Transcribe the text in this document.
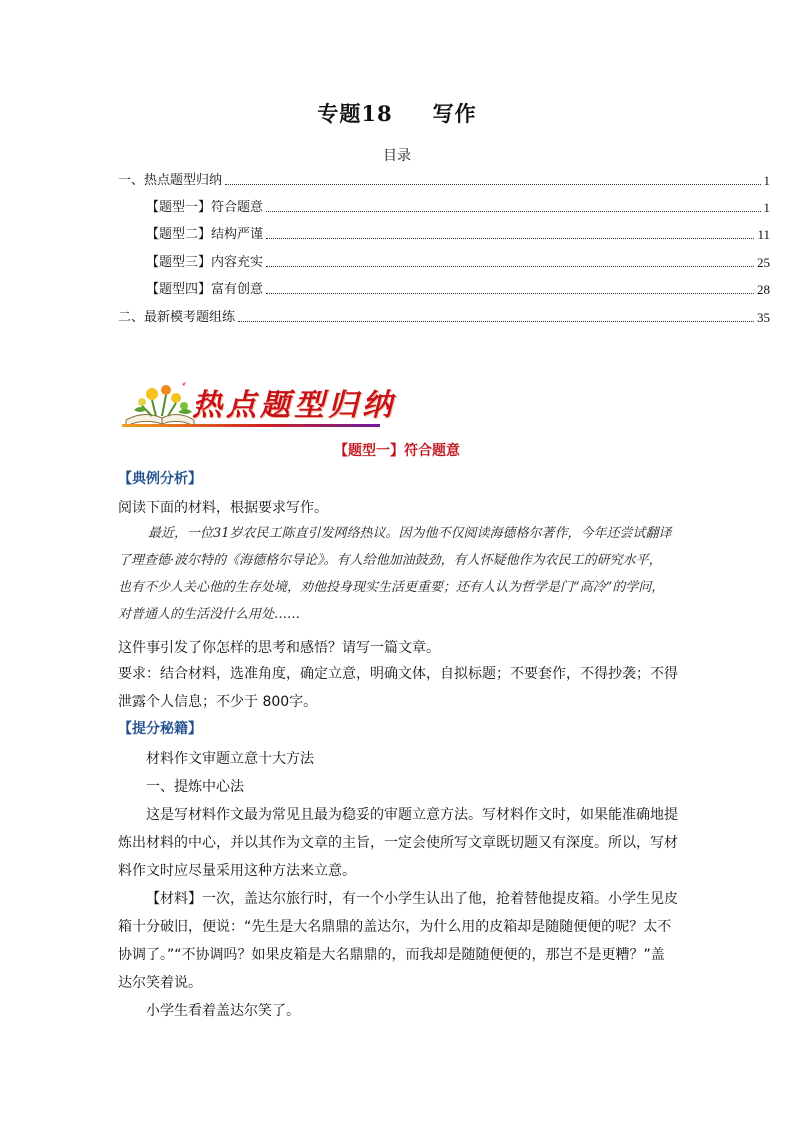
专题18 写作
目录
一、热点题型归纳	1
【题型一】符合题意	1
【题型二】结构严谨	11
【题型三】内容充实	25
【题型四】富有创意	28
二、最新模考题组练	35
热点题型归纳
【题型一】符合题意
【典例分析】
阅读下面的材料，根据要求写作。
最近，一位31岁农民工陈直引发网络热议。因为他不仅阅读海德格尔著作，今年还尝试翻译了理查德·波尔特的《海德格尔导论》。有人给他加油鼓劲，有人怀疑他作为农民工的研究水平，也有不少人关心他的生存处境，劝他投身现实生活更重要；还有人认为哲学是门“高冷”的学问，对普通人的生活没什么用处……
这件事引发了你怎样的思考和感悟？请写一篇文章。
要求：结合材料，选准角度，确定立意，明确文体，自拟标题；不要套作，不得抄袭；不得泄露个人信息；不少于 800字。
【提分秘籍】
材料作文审题立意十大方法
一、提炼中心法
这是写材料作文最为常见且最为稳妥的审题立意方法。写材料作文时，如果能准确地提炼出材料的中心，并以其作为文章的主旨，一定会使所写文章既切题又有深度。所以，写材料作文时应尽量采用这种方法来立意。
【材料】一次，盖达尔旅行时，有一个小学生认出了他，抢着替他提皮箱。小学生见皮箱十分破旧，便说：“先生是大名鼎鼎的盖达尔，为什么用的皮箱却是随随便便的呢？太不协调了。”“不协调吗？如果皮箱是大名鼎鼎的，而我却是随随便便的，那岂不是更糟？”盖达尔笑着说。
小学生看着盖达尔笑了。
